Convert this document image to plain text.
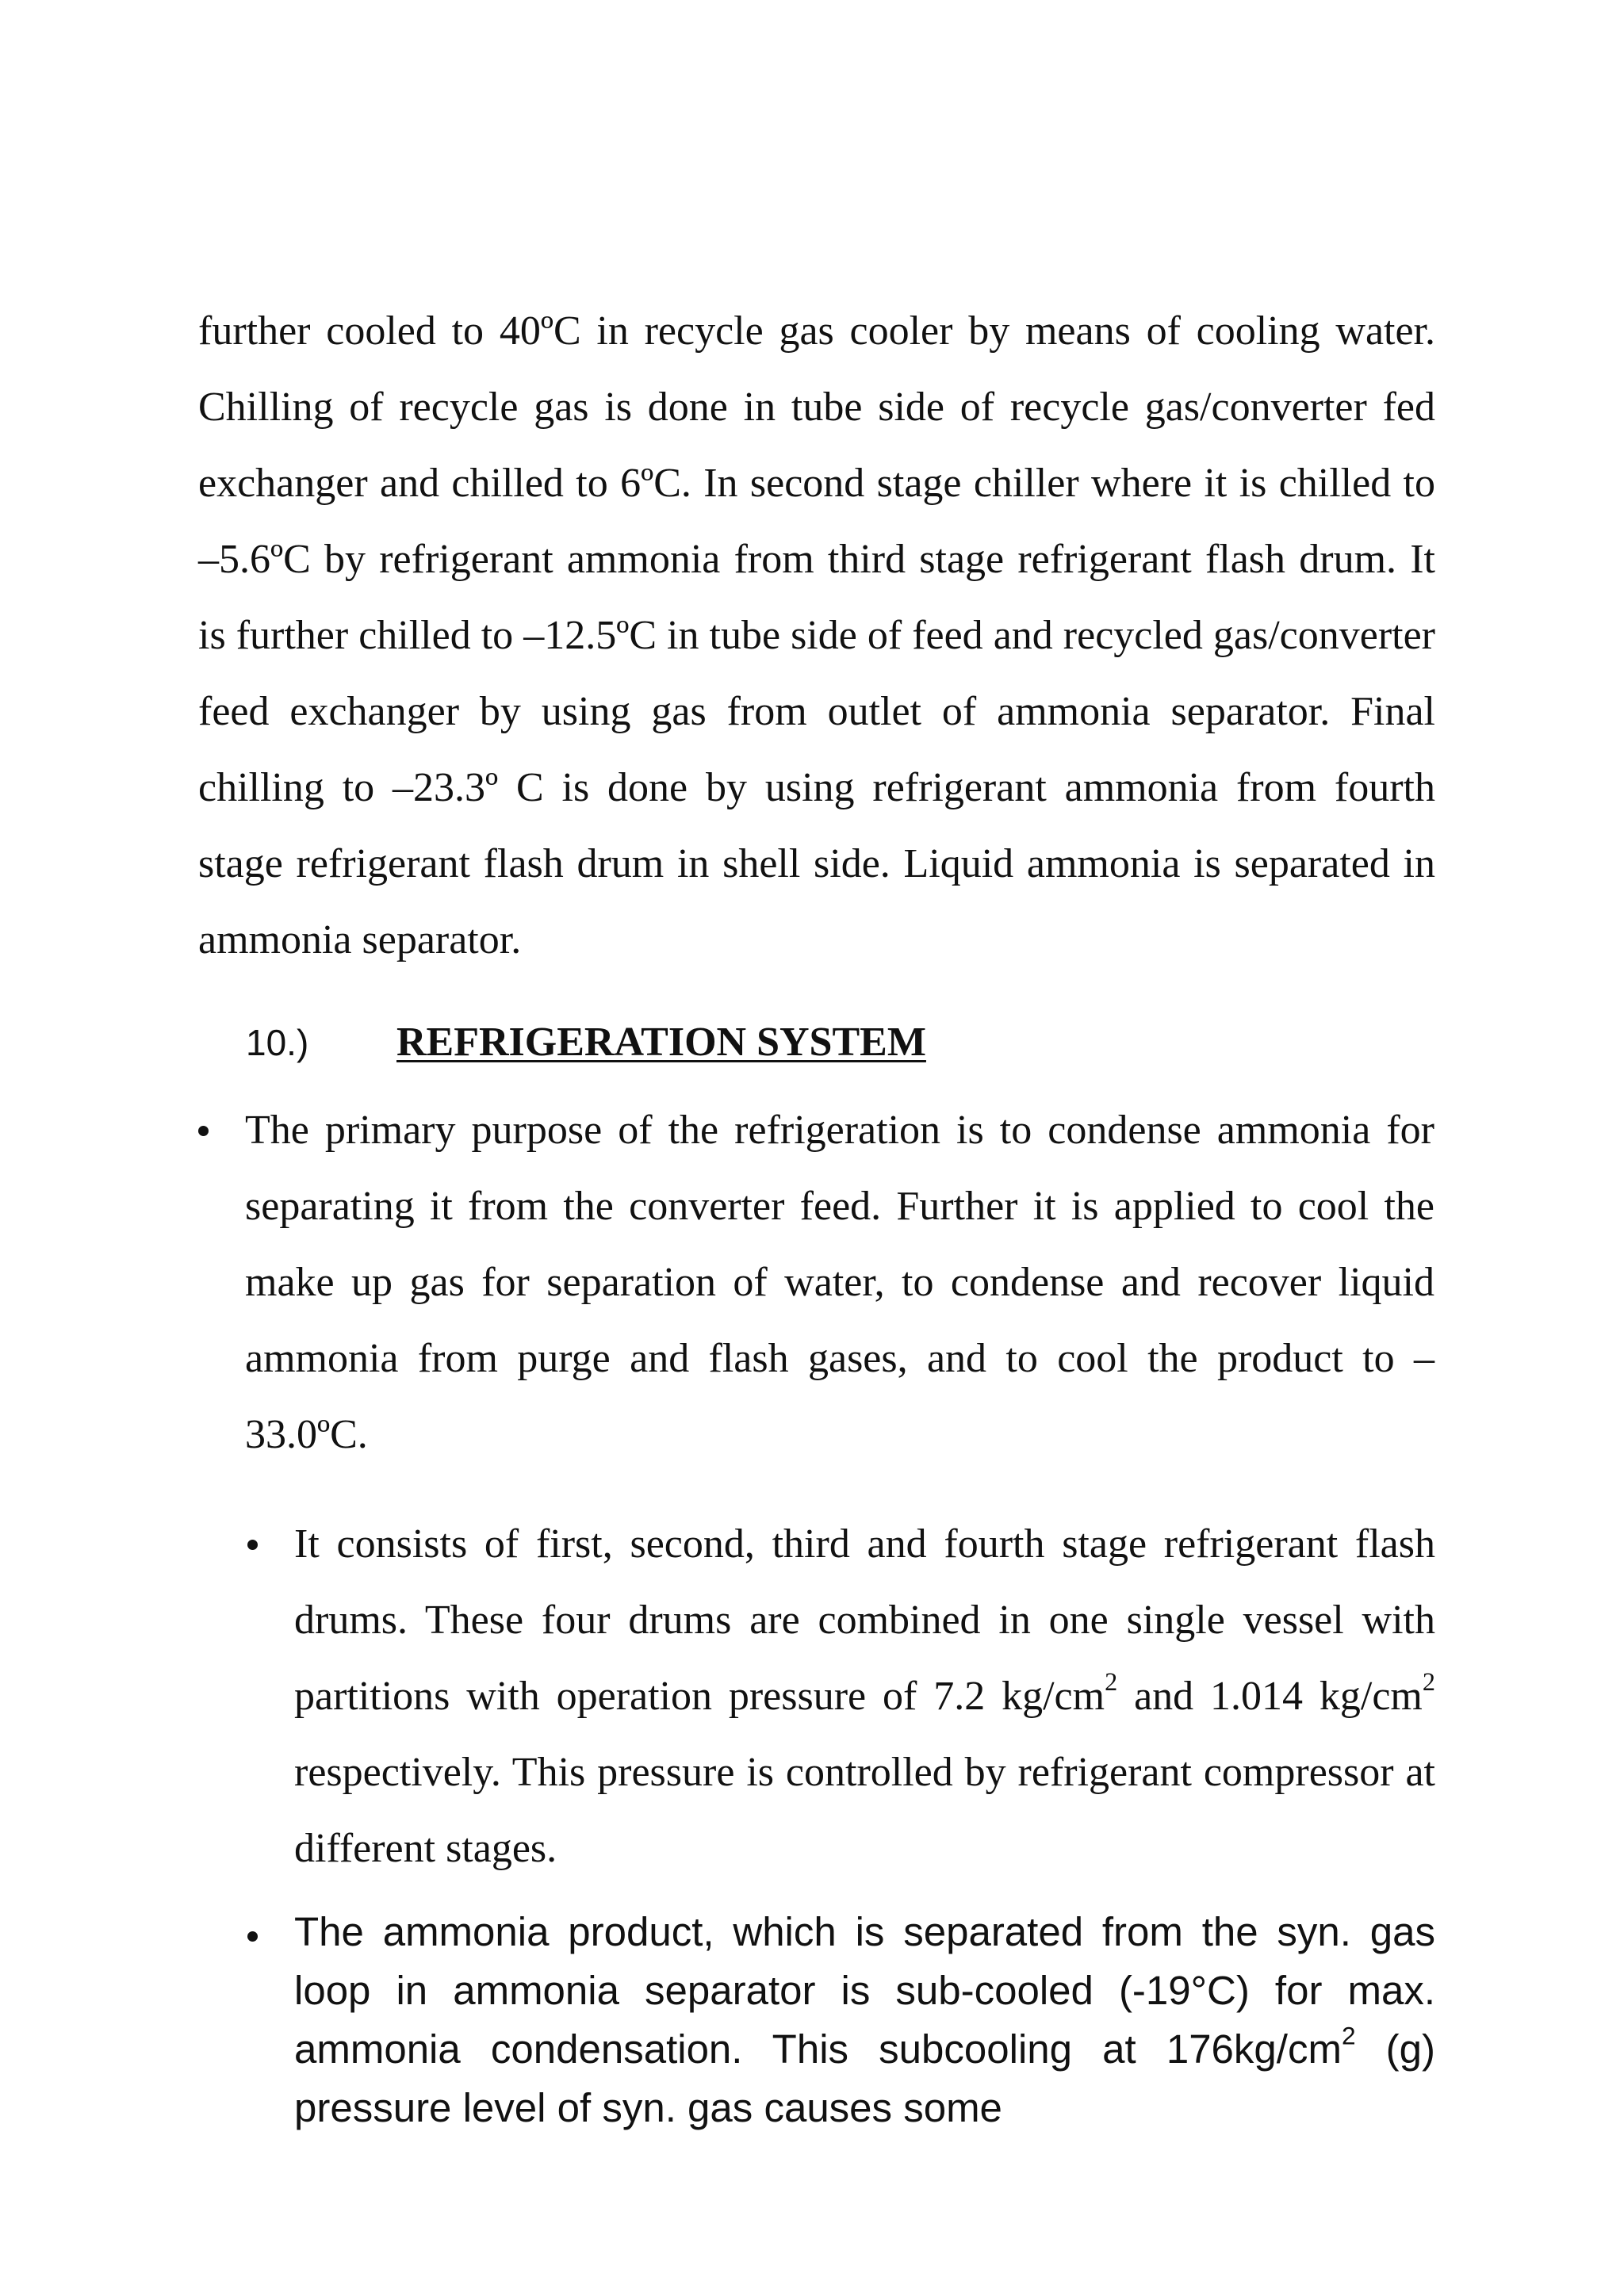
further cooled to 40ºC in recycle gas cooler by means of cooling water. Chilling of recycle gas is done in tube side of recycle gas/converter fed exchanger and chilled to 6ºC. In second stage chiller where it is chilled to –5.6ºC by refrigerant ammonia from third stage refrigerant flash drum. It is further chilled to –12.5ºC in tube side of feed and recycled gas/converter feed exchanger by using gas from outlet of ammonia separator. Final chilling to –23.3º C is done by using refrigerant ammonia from fourth stage refrigerant flash drum in shell side. Liquid ammonia is separated in ammonia separator.

10.)	REFRIGERATION SYSTEM
The primary purpose of the refrigeration is to condense ammonia for separating it from the converter feed. Further it is applied to cool the make up gas for separation of water, to condense and recover liquid ammonia from purge and flash gases, and to cool the product to –33.0ºC.
It consists of first, second, third and fourth stage refrigerant flash drums. These four drums are combined in one single vessel with partitions with operation pressure of 7.2 $kg/cm^2$ and 1.014 $kg/cm^2$ respectively. This pressure is controlled by refrigerant compressor at different stages.
The ammonia product, which is separated from the syn. gas loop in ammonia separator is sub-cooled (-19°C) for max. ammonia condensation. This subcooling at $176kg/cm^2$ (g) pressure level of syn. gas causes some
